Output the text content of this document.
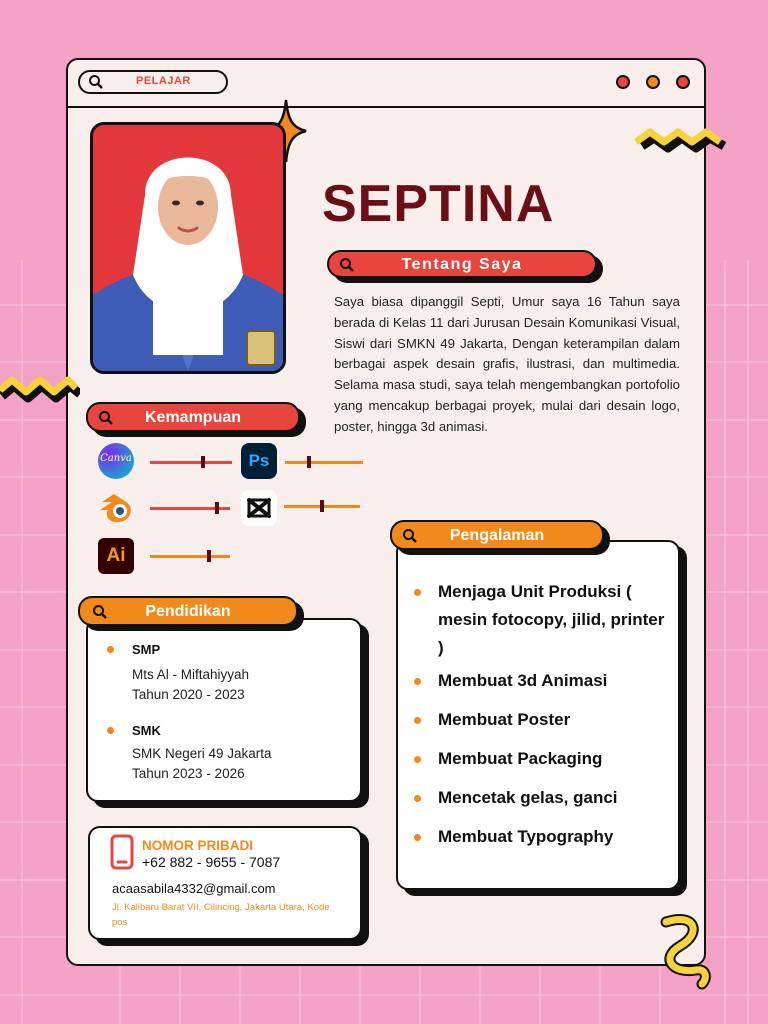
PELAJAR
SEPTINA
Tentang Saya
Saya biasa dipanggil Septi, Umur saya 16 Tahun saya berada di Kelas 11 dari Jurusan Desain Komunikasi Visual, Siswi dari SMKN 49 Jakarta, Dengan keterampilan dalam berbagai aspek desain grafis, ilustrasi, dan multimedia. Selama masa studi, saya telah mengembangkan portofolio yang mencakup berbagai proyek, mulai dari desain logo, poster, hingga 3d animasi.
Kemampuan
Canva	Ps
Ai
Pendidikan
SMP
Mts Al - Miftahiyyah
Tahun 2020 - 2023
SMK
SMK Negeri 49 Jakarta
Tahun 2023 - 2026
Pengalaman
Menjaga Unit Produksi ( mesin fotocopy, jilid, printer )
Membuat 3d Animasi
Membuat Poster
Membuat Packaging
Mencetak gelas, ganci
Membuat Typography
NOMOR PRIBADI
+62 882 - 9655 - 7087
acaasabila4332@gmail.com
Jl. Kalibaru Barat VII, Cilincing, Jakarta Utara, Kode pos
